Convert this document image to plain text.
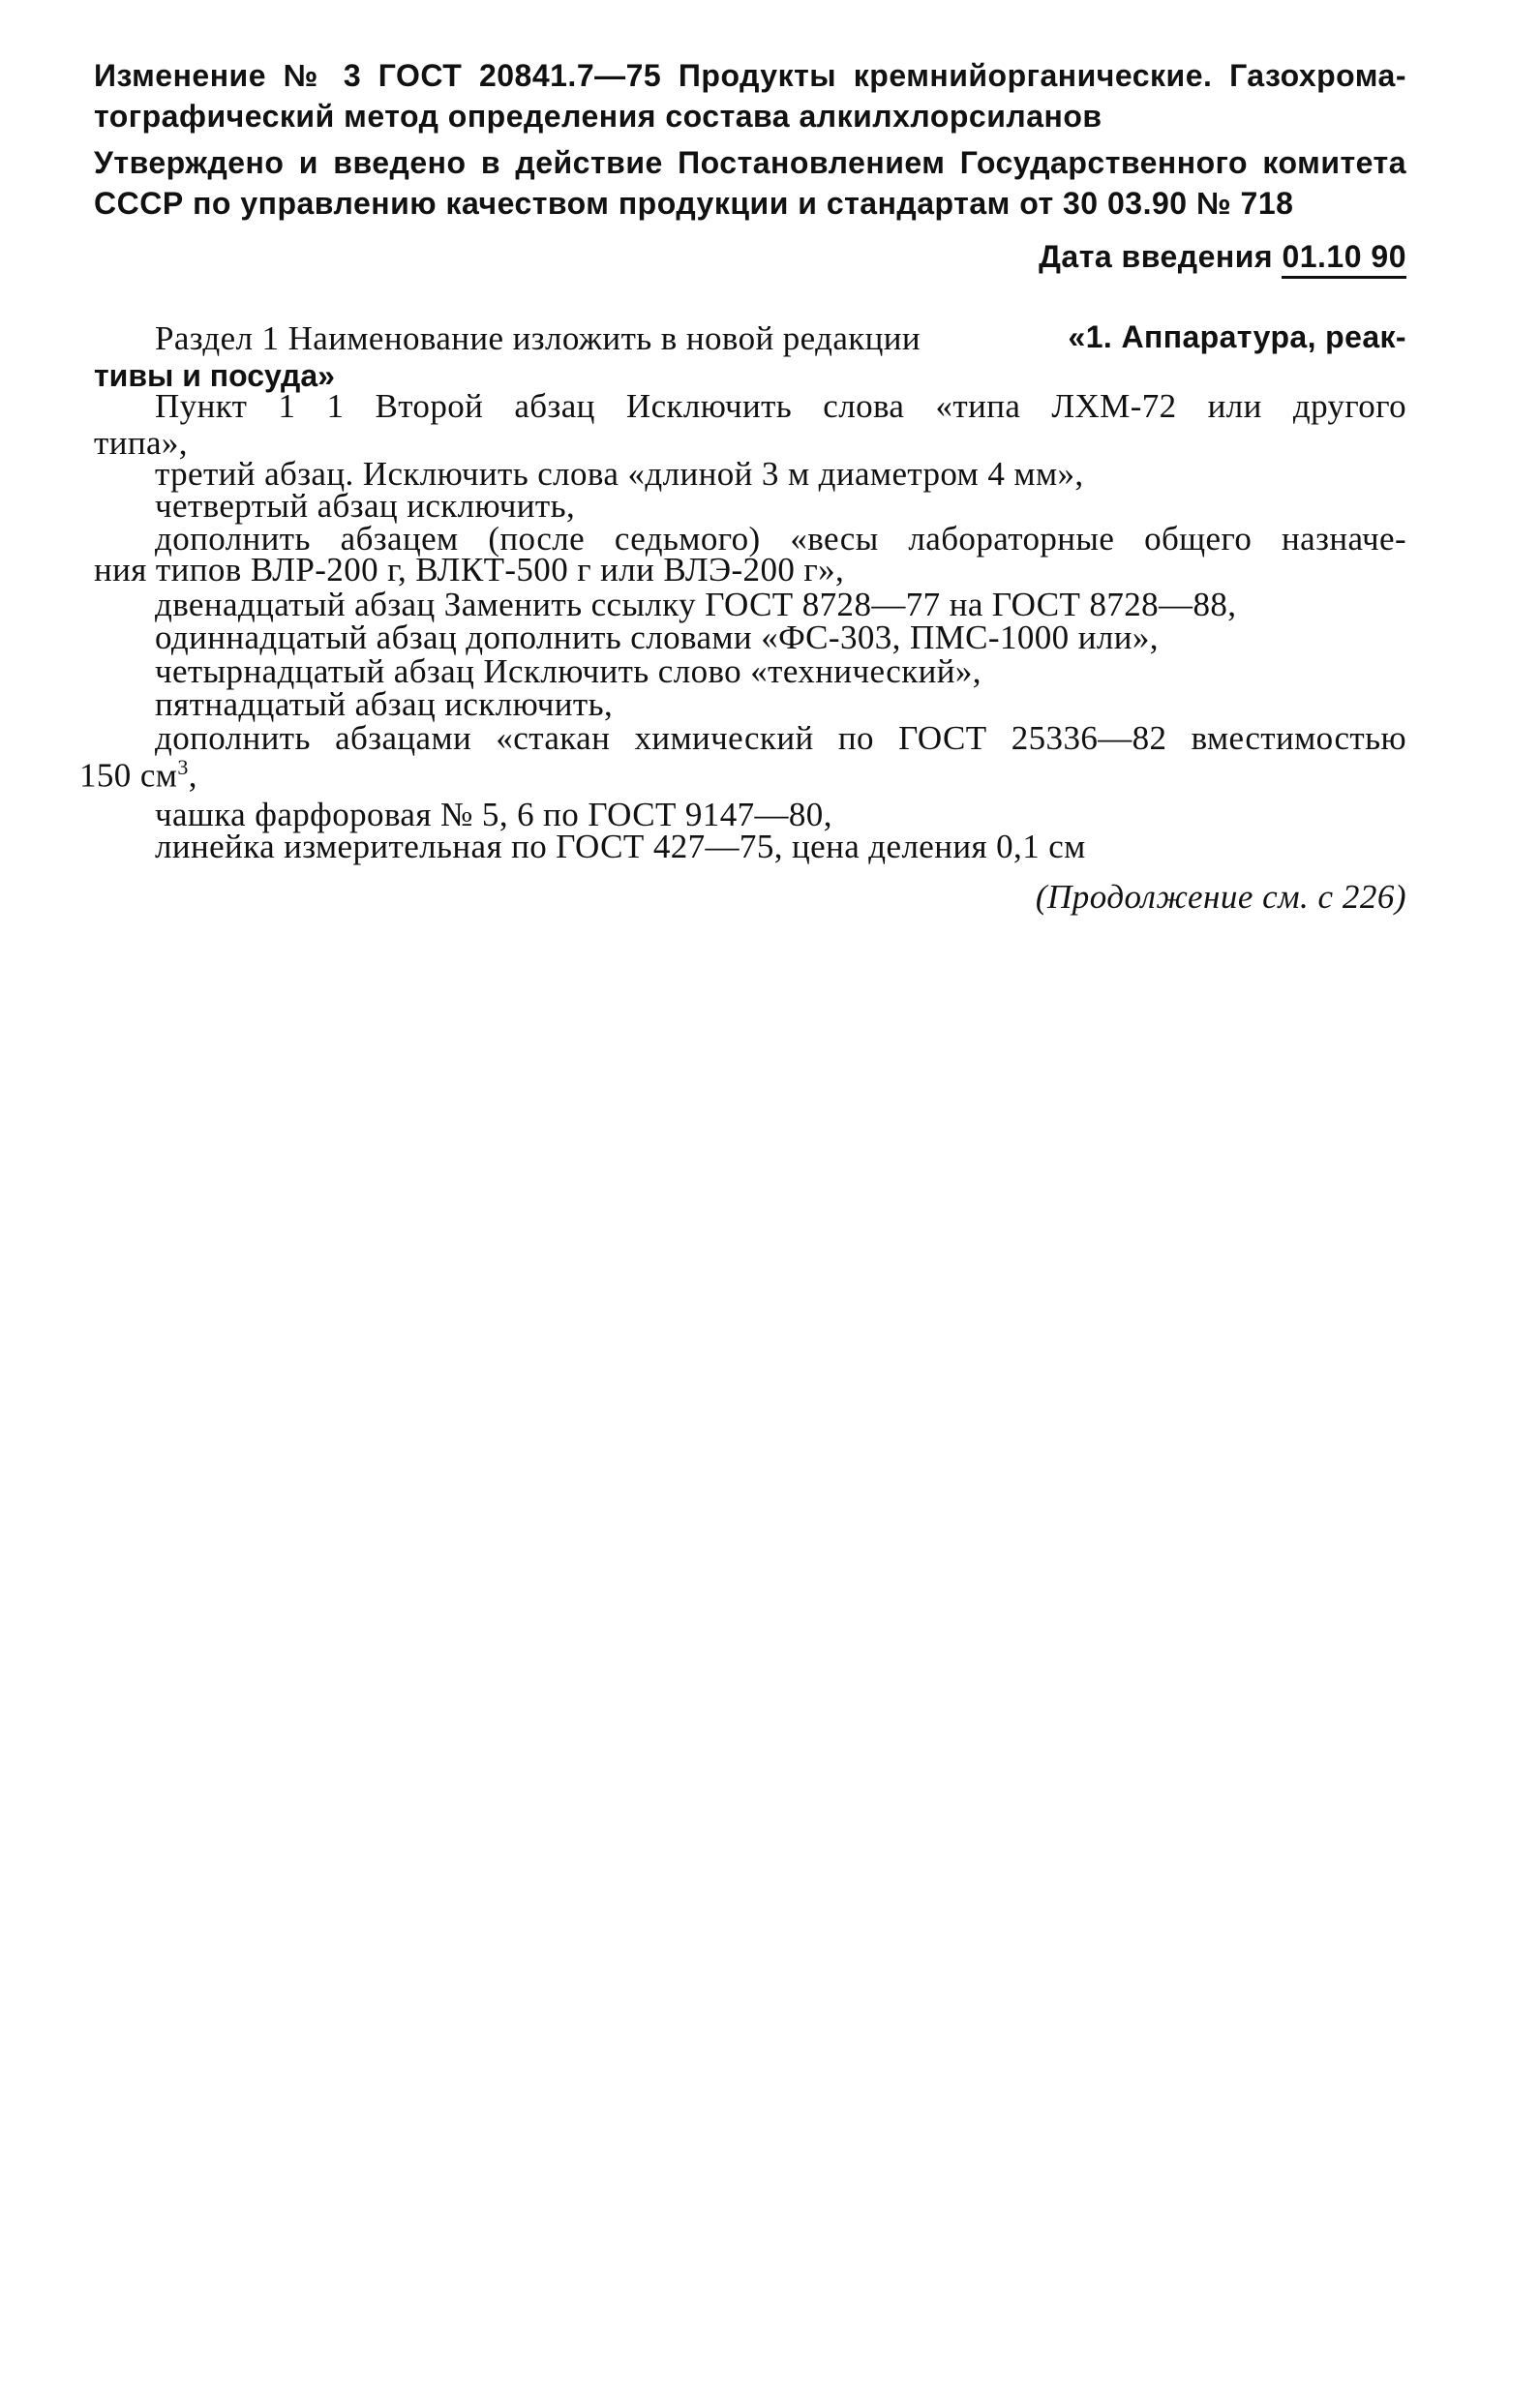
Изменение № 3 ГОСТ 20841.7—75 Продукты кремнийорганические. Газохрома-
тографический метод определения состава алкилхлорсиланов
Утверждено и введено в действие Постановлением Государственного комитета
СССР по управлению качеством продукции и стандартам от 30 03.90 № 718
Дата введения 01.10 90
Раздел 1 Наименование изложить в новой редакции	«1. Аппаратура, реак-
тивы и посуда»
Пункт 1 1 Второй абзац Исключить слова «типа ЛХМ-72 или другого
типа»,
третий абзац. Исключить слова «длиной 3 м диаметром 4 мм»,
четвертый абзац исключить,
дополнить абзацем (после седьмого) «весы лабораторные общего назначе-
ния типов ВЛР-200 г, ВЛКТ-500 г или ВЛЭ-200 г»,
двенадцатый абзац Заменить ссылку ГОСТ 8728—77 на ГОСТ 8728—88,
одиннадцатый абзац дополнить словами «ФС-303, ПМС-1000 или»,
четырнадцатый абзац Исключить слово «технический»,
пятнадцатый абзац исключить,
дополнить абзацами «стакан химический по ГОСТ 25336—82 вместимостью
150 $см^3$,
чашка фарфоровая № 5, 6 по ГОСТ 9147—80,
линейка измерительная по ГОСТ 427—75, цена деления 0,1 см
(Продолжение см. с 226)
